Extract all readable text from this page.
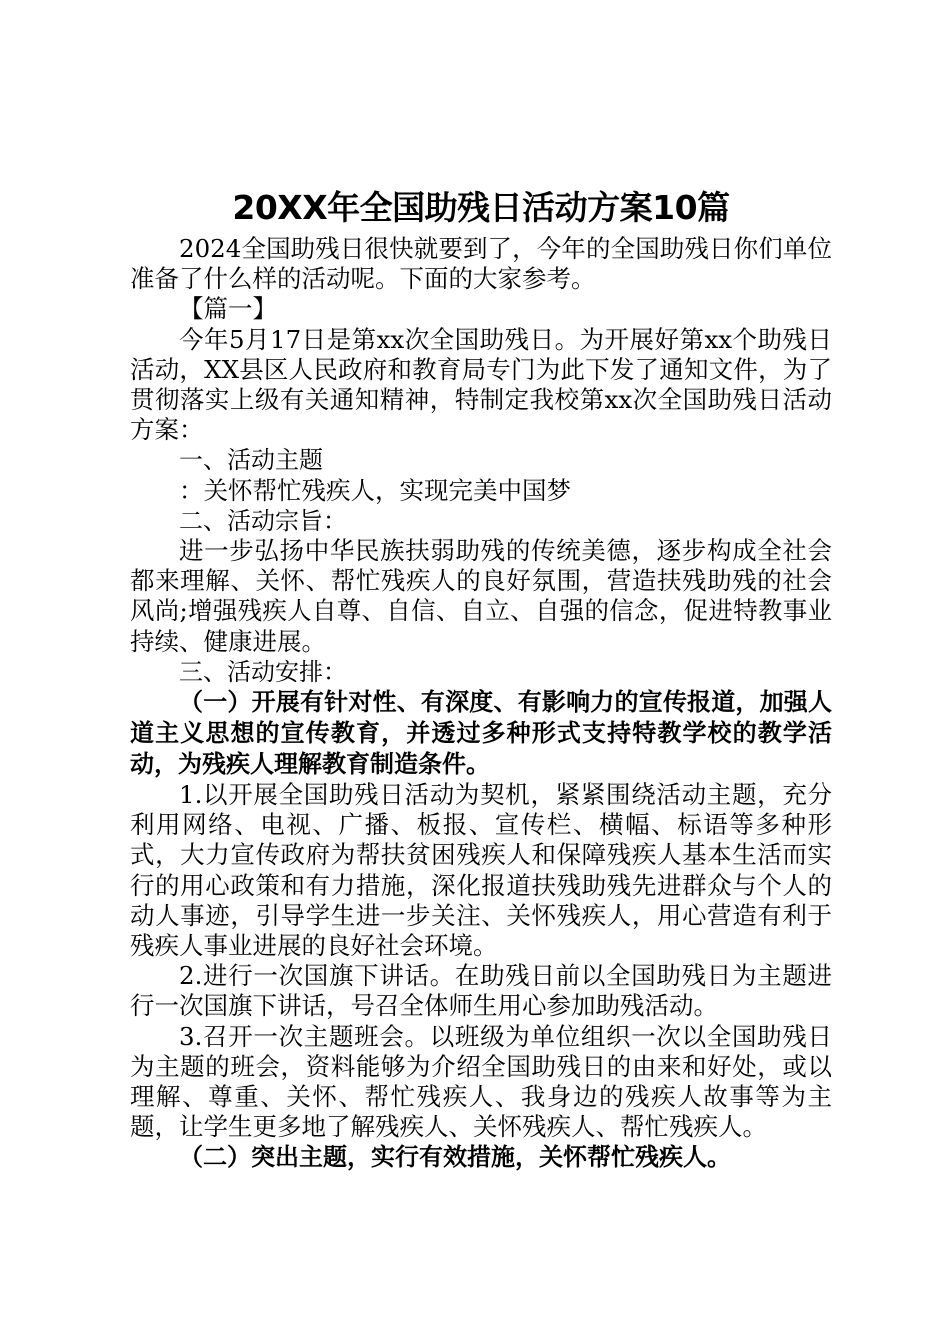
20XX年全国助残日活动方案10篇

2024全国助残日很快就要到了，今年的全国助残日你们单位准备了什么样的活动呢。下面的大家参考。

【篇一】

今年5月17日是第xx次全国助残日。为开展好第xx个助残日活动，XX县区人民政府和教育局专门为此下发了通知文件，为了贯彻落实上级有关通知精神，特制定我校第xx次全国助残日活动方案：

一、活动主题

：关怀帮忙残疾人，实现完美中国梦

二、活动宗旨：

进一步弘扬中华民族扶弱助残的传统美德，逐步构成全社会都来理解、关怀、帮忙残疾人的良好氛围，营造扶残助残的社会风尚;增强残疾人自尊、自信、自立、自强的信念，促进特教事业持续、健康进展。

三、活动安排：

（一）开展有针对性、有深度、有影响力的宣传报道，加强人道主义思想的宣传教育，并透过多种形式支持特教学校的教学活动，为残疾人理解教育制造条件。

1.以开展全国助残日活动为契机，紧紧围绕活动主题，充分利用网络、电视、广播、板报、宣传栏、横幅、标语等多种形式，大力宣传政府为帮扶贫困残疾人和保障残疾人基本生活而实行的用心政策和有力措施，深化报道扶残助残先进群众与个人的动人事迹，引导学生进一步关注、关怀残疾人，用心营造有利于残疾人事业进展的良好社会环境。

2.进行一次国旗下讲话。在助残日前以全国助残日为主题进行一次国旗下讲话，号召全体师生用心参加助残活动。

3.召开一次主题班会。以班级为单位组织一次以全国助残日为主题的班会，资料能够为介绍全国助残日的由来和好处，或以理解、尊重、关怀、帮忙残疾人、我身边的残疾人故事等为主题，让学生更多地了解残疾人、关怀残疾人、帮忙残疾人。

（二）突出主题，实行有效措施，关怀帮忙残疾人。
